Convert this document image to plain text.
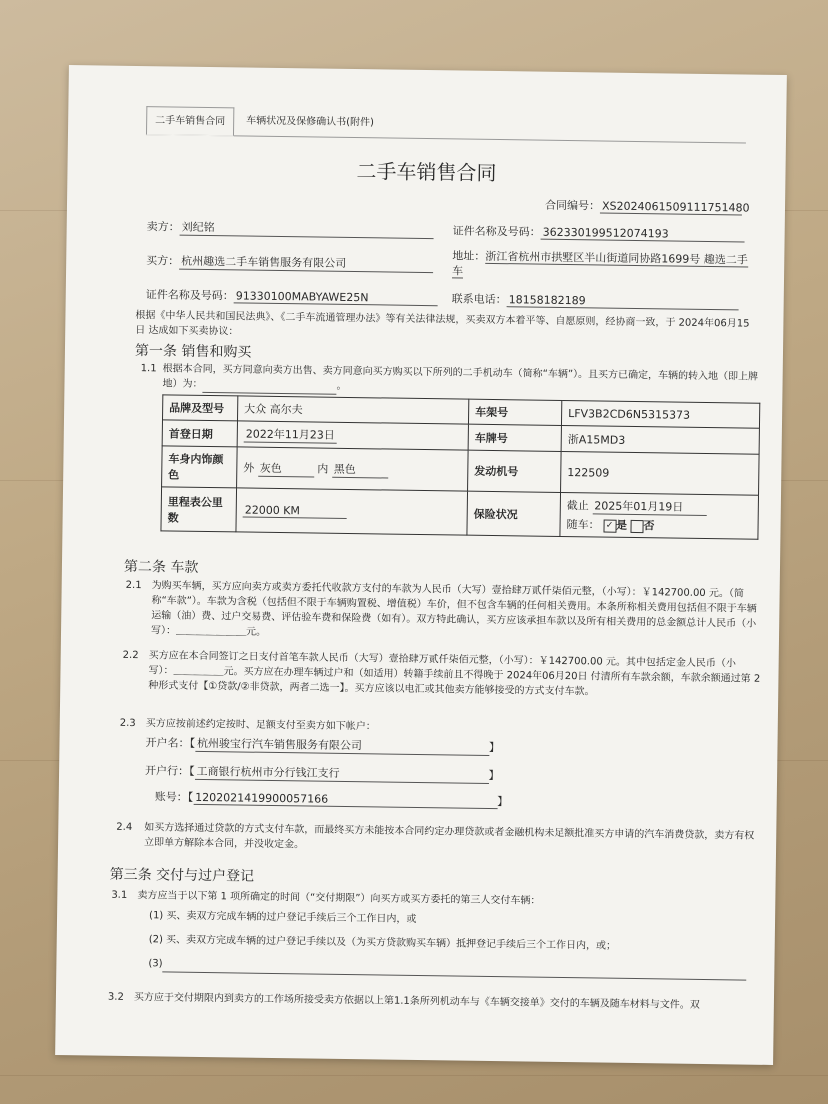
二手车销售合同	车辆状况及保修确认书(附件)
二手车销售合同
合同编号： XS2024061509111751480
卖方： 刘纪铭	证件名称及号码： 362330199512074193
买方： 杭州趣选二手车销售服务有限公司	地址：浙江省杭州市拱墅区半山街道同协路1699号 趣选二手车
证件名称及号码： 91330100MABYAWE25N	联系电话： 18158182189
根据《中华人民共和国民法典》、《二手车流通管理办法》等有关法律法规，买卖双方本着平等、自愿原则，经协商一致，于 2024年06月15日 达成如下买卖协议：
第一条 销售和购买
1.1 根据本合同，买方同意向卖方出售、卖方同意向买方购买以下所列的二手机动车（简称“车辆”）。且买方已确定，车辆的转入地（即上牌地）为：	。
品牌及型号	大众 高尔夫	车架号	LFV3B2CD6N5315373
首登日期	2022年11月23日	车牌号	浙A15MD3
车身内饰颜色	外 灰色 内 黑色	发动机号	122509
里程表公里数	22000 KM	保险状况	截止 2025年01月19日
随车： ✓ 是 否
第二条 车款
2.1 为购买车辆，买方应向卖方或卖方委托代收款方支付的车款为人民币（大写）壹拾肆万贰仟柒佰元整，（小写）：￥142700.00 元。（简称“车款”）。车款为含税（包括但不限于车辆购置税、增值税）车价，但不包含车辆的任何相关费用。本条所称相关费用包括但不限于车辆运输（油）费、过户交易费、评估验车费和保险费（如有）。双方特此确认，买方应该承担车款以及所有相关费用的总金额总计人民币（小写）：＿＿＿＿＿＿＿元。
2.2 买方应在本合同签订之日支付首笔车款人民币（大写）壹拾肆万贰仟柒佰元整，（小写）：￥142700.00 元。其中包括定金人民币（小写）：＿＿＿＿＿元。买方应在办理车辆过户和（如适用）转籍手续前且不得晚于 2024年06月20日 付清所有车款余额，车款余额通过第 2 种形式支付【①贷款/②非贷款，两者二选一】。买方应该以电汇或其他卖方能够接受的方式支付车款。
2.3 买方应按前述约定按时、足额支付至卖方如下帐户：
开户名：【 杭州骏宝行汽车销售服务有限公司	】
开户行：【 工商银行杭州市分行钱江支行	】
账号：【 1202021419900057166	】
2.4 如买方选择通过贷款的方式支付车款，而最终买方未能按本合同约定办理贷款或者金融机构未足额批准买方申请的汽车消费贷款，卖方有权立即单方解除本合同，并没收定金。
第三条 交付与过户登记
3.1 卖方应当于以下第 1 项所确定的时间（“交付期限”）向买方或买方委托的第三人交付车辆：
(1) 买、卖双方完成车辆的过户登记手续后三个工作日内，或
(2) 买、卖双方完成车辆的过户登记手续以及（为买方贷款购买车辆）抵押登记手续后三个工作日内，或；
(3)
3.2 买方应于交付期限内到卖方的工作场所接受卖方依据以上第1.1条所列机动车与《车辆交接单》交付的车辆及随车材料与文件。双
